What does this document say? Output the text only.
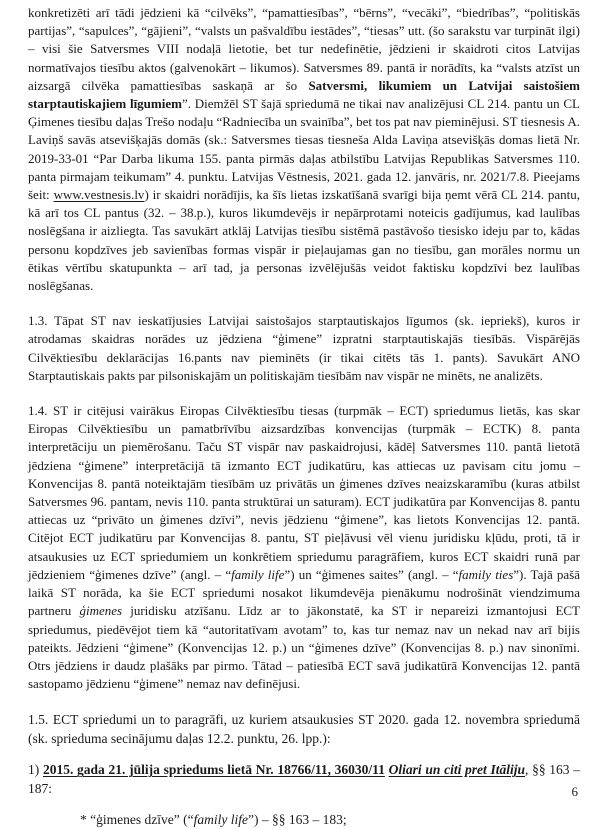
konkretizēti arī tādi jēdzieni kā “cilvēks”, “pamattiesības”, “bērns”, “vecāki”, “biedrības”, “politiskās partijas”, “sapulces”, “gājieni”, “valsts un pašvaldību iestādes”, “tiesas” utt. (šo sarakstu var turpināt ilgi) – visi šie Satversmes VIII nodaļā lietotie, bet tur nedefinētie, jēdzieni ir skaidroti citos Latvijas normatīvajos tiesību aktos (galvenokārt – likumos). Satversmes 89. pantā ir norādīts, ka “valsts atzīst un aizsargā cilvēka pamattiesības saskaņā ar šo Satversmi, likumiem un Latvijai saistošiem starptautiskajiem līgumiem”. Diemžēl ST šajā spriedumā ne tikai nav analizējusi CL 214. pantu un CL Ģimenes tiesību daļas Trešo nodaļu “Radniecība un svainība”, bet tos pat nav pieminējusi. ST tiesnesis A. Laviņš savās atsevišķajās domās (sk.: Satversmes tiesas tiesneša Alda Laviņa atsevišķās domas lietā Nr. 2019-33-01 “Par Darba likuma 155. panta pirmās daļas atbilstību Latvijas Republikas Satversmes 110. panta pirmajam teikumam” 4. punktu. Latvijas Vēstnesis, 2021. gada 12. janvāris, nr. 2021/7.8. Pieejams šeit: www.vestnesis.lv) ir skaidri norādījis, ka šīs lietas izskatīšanā svarīgi bija ņemt vērā CL 214. pantu, kā arī tos CL pantus (32. – 38.p.), kuros likumdevējs ir nepārprotami noteicis gadījumus, kad laulības noslēgšana ir aizliegta. Tas savukārt atklāj Latvijas tiesību sistēmā pastāvošo tiesisko ideju par to, kādas personu kopdzīves jeb savienības formas vispār ir pieļaujamas gan no tiesību, gan morāles normu un ētikas vērtību skatupunkta – arī tad, ja personas izvēlējušās veidot faktisku kopdzīvi bez laulības noslēgšanas.

1.3. Tāpat ST nav ieskatījusies Latvijai saistošajos starptautiskajos līgumos (sk. iepriekš), kuros ir atrodamas skaidras norādes uz jēdziena “ģimene” izpratni starptautiskajās tiesībās. Vispārējās Cilvēktiesību deklarācijas 16.pants nav pieminēts (ir tikai citēts tās 1. pants). Savukārt ANO Starptautiskais pakts par pilsoniskajām un politiskajām tiesībām nav vispār ne minēts, ne analizēts.

1.4. ST ir citējusi vairākus Eiropas Cilvēktiesību tiesas (turpmāk – ECT) spriedumus lietās, kas skar Eiropas Cilvēktiesību un pamatbrīvību aizsardzības konvencijas (turpmāk – ECTK) 8. panta interpretāciju un piemērošanu. Taču ST vispār nav paskaidrojusi, kādēļ Satversmes 110. pantā lietotā jēdziena “ģimene” interpretācijā tā izmanto ECT judikatūru, kas attiecas uz pavisam citu jomu – Konvencijas 8. pantā noteiktajām tiesībām uz privātās un ģimenes dzīves neaizskaramību (kuras atbilst Satversmes 96. pantam, nevis 110. panta struktūrai un saturam). ECT judikatūra par Konvencijas 8. pantu attiecas uz “privāto un ģimenes dzīvi”, nevis jēdzienu “ģimene”, kas lietots Konvencijas 12. pantā. Citējot ECT judikatūru par Konvencijas 8. pantu, ST pieļāvusi vēl vienu juridisku kļūdu, proti, tā ir atsaukusies uz ECT spriedumiem un konkrētiem spriedumu paragrāfiem, kuros ECT skaidri runā par jēdzieniem “ģimenes dzīve” (angl. – “family life”) un “ģimenes saites” (angl. – “family ties”). Tajā pašā laikā ST norāda, ka šie ECT spriedumi nosakot likumdevēja pienākumu nodrošināt viendzimuma partneru ģimenes juridisku atzīšanu. Līdz ar to jākonstatē, ka ST ir nepareizi izmantojusi ECT spriedumus, piedēvējot tiem kā “autoritatīvam avotam” to, kas tur nemaz nav un nekad nav arī bijis pateikts. Jēdzieni “ģimene” (Konvencijas 12. p.) un “ģimenes dzīve” (Konvencijas 8. p.) nav sinonīmi. Otrs jēdziens ir daudz plašāks par pirmo. Tātad – patiesībā ECT savā judikatūrā Konvencijas 12. pantā sastopamo jēdzienu “ģimene” nemaz nav definējusi.

1.5. ECT spriedumi un to paragrāfi, uz kuriem atsaukusies ST 2020. gada 12. novembra spriedumā (sk. sprieduma secinājumu daļas 12.2. punktu, 26. lpp.):

1) 2015. gada 21. jūlija spriedums lietā Nr. 18766/11, 36030/11 Oliari un citi pret Itāliju, §§ 163 – 187:

* “ģimenes dzīve” (“family life”) – §§ 163 – 183;

6
